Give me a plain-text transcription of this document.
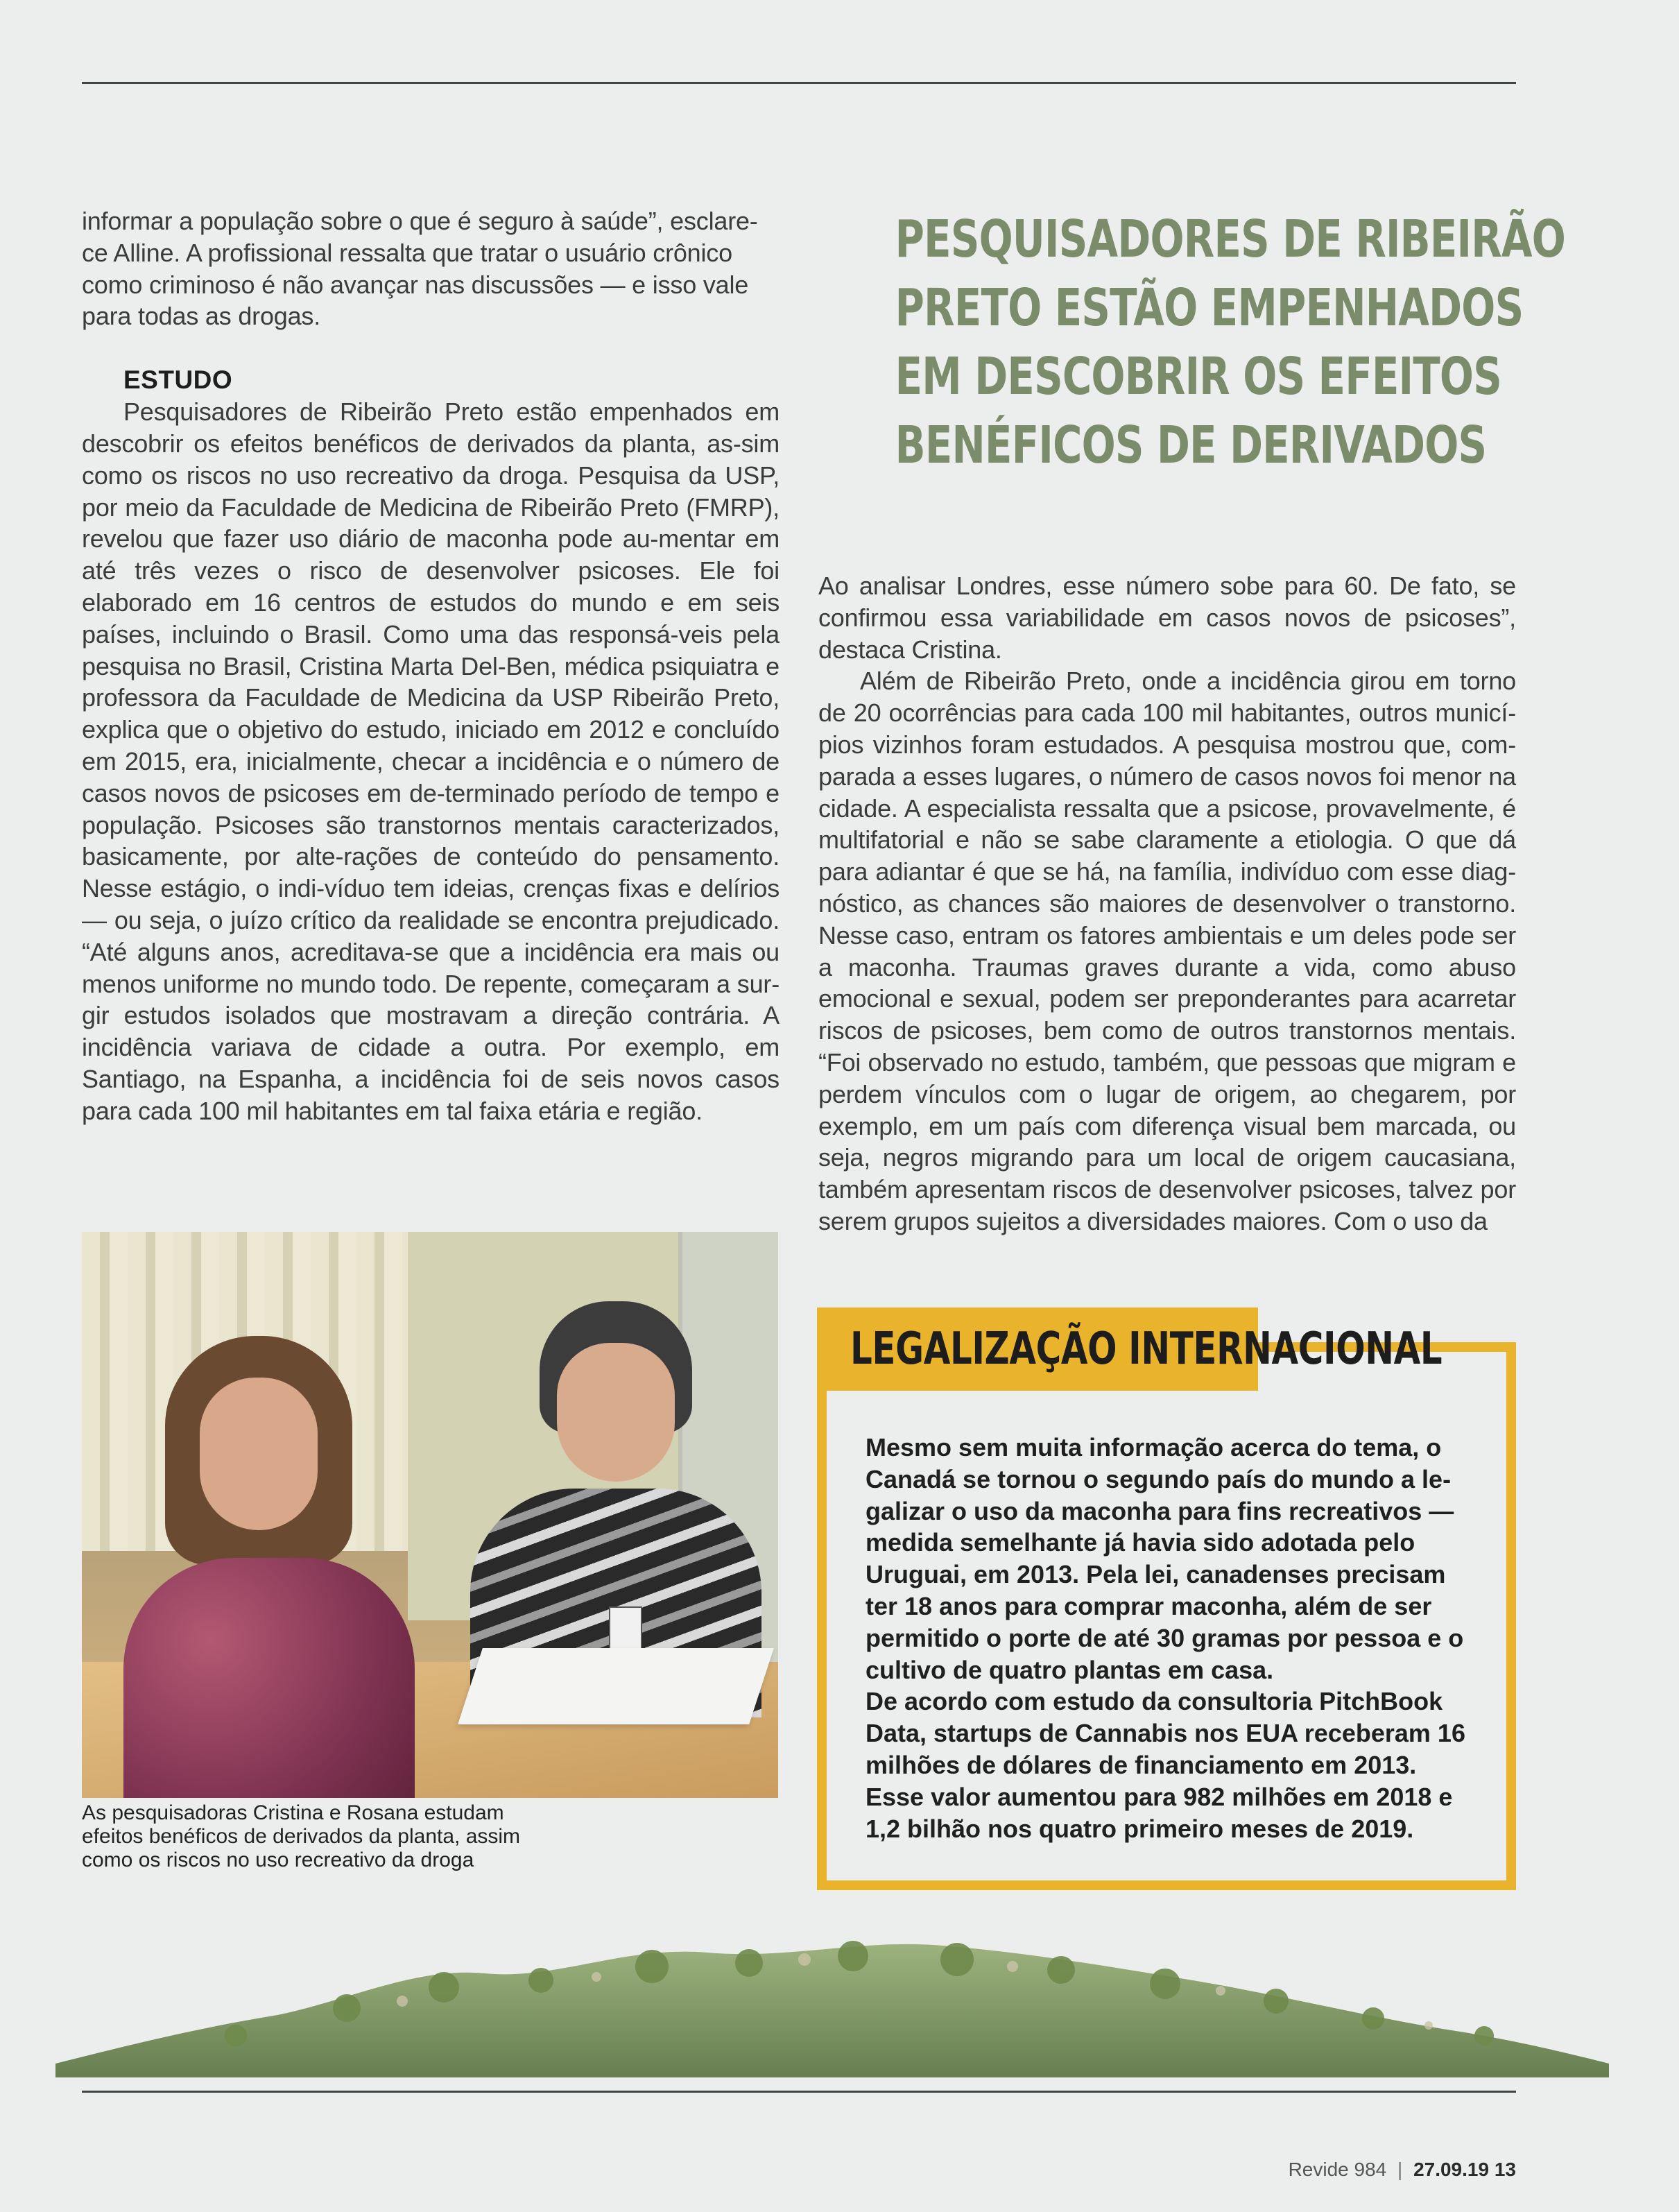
informar a população sobre o que é seguro à saúde”, esclare-
ce Alline. A profissional ressalta que tratar o usuário crônico
como criminoso é não avançar nas discussões — e isso vale
para todas as drogas.

ESTUDO

Pesquisadores de Ribeirão Preto estão empenhados em descobrir os efeitos benéficos de derivados da planta, as-sim como os riscos no uso recreativo da droga. Pesquisa da USP, por meio da Faculdade de Medicina de Ribeirão Preto (FMRP), revelou que fazer uso diário de maconha pode au-mentar em até três vezes o risco de desenvolver psicoses. Ele foi elaborado em 16 centros de estudos do mundo e em seis países, incluindo o Brasil. Como uma das responsá-veis pela pesquisa no Brasil, Cristina Marta Del-Ben, médica psiquiatra e professora da Faculdade de Medicina da USP Ribeirão Preto, explica que o objetivo do estudo, iniciado em 2012 e concluído em 2015, era, inicialmente, checar a incidência e o número de casos novos de psicoses em de-terminado período de tempo e população. Psicoses são transtornos mentais caracterizados, basicamente, por alte-rações de conteúdo do pensamento. Nesse estágio, o indi-víduo tem ideias, crenças fixas e delírios — ou seja, o juízo crítico da realidade se encontra prejudicado. “Até alguns anos, acreditava-se que a incidência era mais ou menos uniforme no mundo todo. De repente, começaram a sur-gir estudos isolados que mostravam a direção contrária. A incidência variava de cidade a outra. Por exemplo, em Santiago, na Espanha, a incidência foi de seis novos casos para cada 100 mil habitantes em tal faixa etária e região.

PESQUISADORES DE RIBEIRÃO
PRETO ESTÃO EMPENHADOS
EM DESCOBRIR OS EFEITOS
BENÉFICOS DE DERIVADOS

Ao analisar Londres, esse número sobe para 60. De fato, se confirmou essa variabilidade em casos novos de psicoses”, destaca Cristina.

Além de Ribeirão Preto, onde a incidência girou em torno de 20 ocorrências para cada 100 mil habitantes, outros municí-pios vizinhos foram estudados. A pesquisa mostrou que, com-parada a esses lugares, o número de casos novos foi menor na cidade. A especialista ressalta que a psicose, provavelmente, é multifatorial e não se sabe claramente a etiologia. O que dá para adiantar é que se há, na família, indivíduo com esse diag-nóstico, as chances são maiores de desenvolver o transtorno. Nesse caso, entram os fatores ambientais e um deles pode ser a maconha. Traumas graves durante a vida, como abuso emocional e sexual, podem ser preponderantes para acarretar riscos de psicoses, bem como de outros transtornos mentais. “Foi observado no estudo, também, que pessoas que migram e perdem vínculos com o lugar de origem, ao chegarem, por exemplo, em um país com diferença visual bem marcada, ou seja, negros migrando para um local de origem caucasiana, também apresentam riscos de desenvolver psicoses, talvez por serem grupos sujeitos a diversidades maiores. Com o uso da

As pesquisadoras Cristina e Rosana estudam
efeitos benéficos de derivados da planta, assim
como os riscos no uso recreativo da droga
LEGALIZAÇÃO INTERNACIONAL

Mesmo sem muita informação acerca do tema, o Canadá se tornou o segundo país do mundo a le-galizar o uso da maconha para fins recreativos — medida semelhante já havia sido adotada pelo Uruguai, em 2013. Pela lei, canadenses precisam ter 18 anos para comprar maconha, além de ser permitido o porte de até 30 gramas por pessoa e o cultivo de quatro plantas em casa.

De acordo com estudo da consultoria PitchBook Data, startups de Cannabis nos EUA receberam 16 milhões de dólares de financiamento em 2013. Esse valor aumentou para 982 milhões em 2018 e 1,2 bilhão nos quatro primeiro meses de 2019.

Revide 984 | 27.09.19 13
